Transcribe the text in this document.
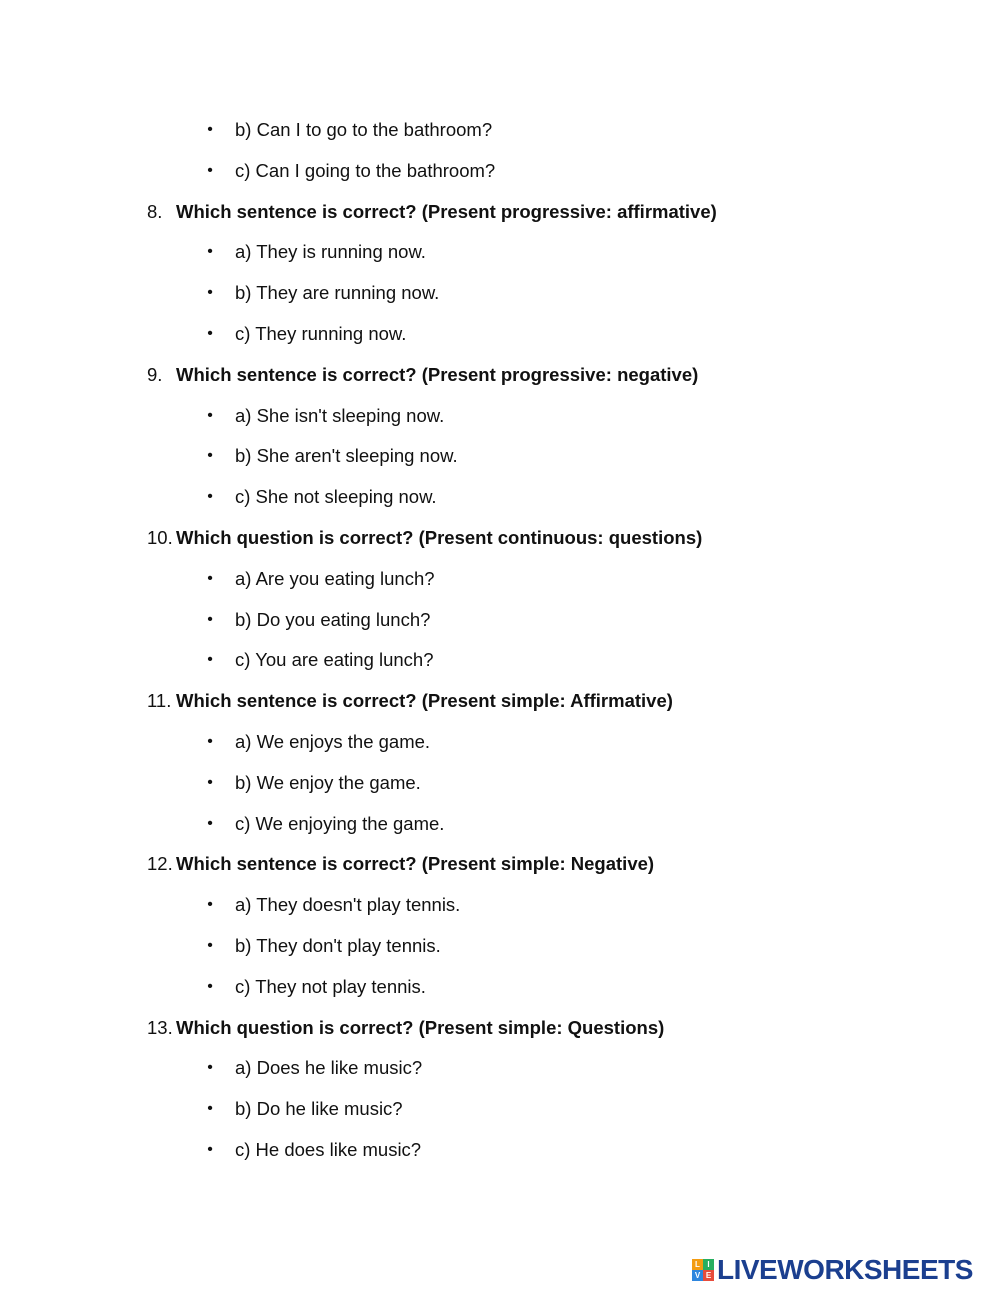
• b) Can I to go to the bathroom?
• c) Can I going to the bathroom?
8. Which sentence is correct? (Present progressive: affirmative)
• a) They is running now.
• b) They are running now.
• c) They running now.
9. Which sentence is correct? (Present progressive: negative)
• a) She isn't sleeping now.
• b) She aren't sleeping now.
• c) She not sleeping now.
10. Which question is correct? (Present continuous: questions)
• a) Are you eating lunch?
• b) Do you eating lunch?
• c) You are eating lunch?
11. Which sentence is correct? (Present simple: Affirmative)
• a) We enjoys the game.
• b) We enjoy the game.
• c) We enjoying the game.
12. Which sentence is correct? (Present simple: Negative)
• a) They doesn't play tennis.
• b) They don't play tennis.
• c) They not play tennis.
13. Which question is correct? (Present simple: Questions)
• a) Does he like music?
• b) Do he like music?
• c) He does like music?
L I
V E LIVEWORKSHEETS
